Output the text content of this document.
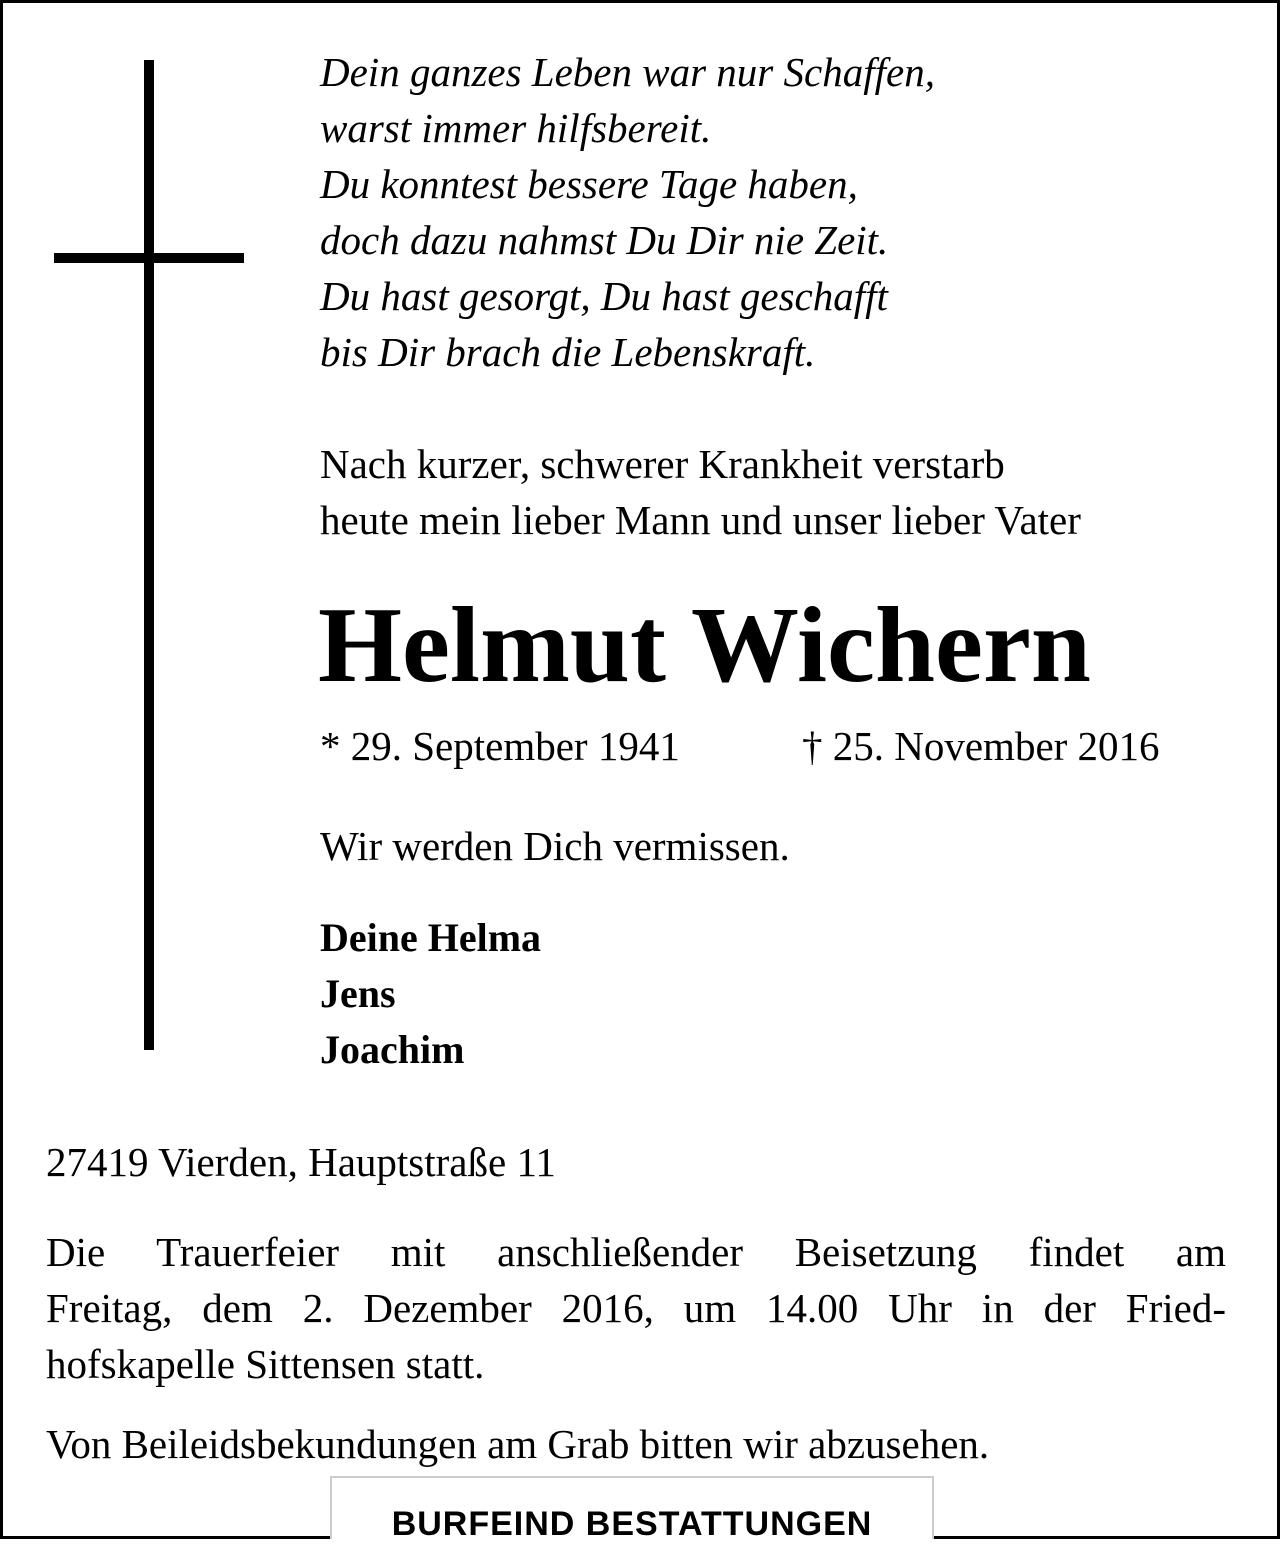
Dein ganzes Leben war nur Schaffen,
warst immer hilfsbereit.
Du konntest bessere Tage haben,
doch dazu nahmst Du Dir nie Zeit.
Du hast gesorgt, Du hast geschafft
bis Dir brach die Lebenskraft.
Nach kurzer, schwerer Krankheit verstarb
heute mein lieber Mann und unser lieber Vater
Helmut Wichern
* 29. September 1941	† 25. November 2016
Wir werden Dich vermissen.
Deine Helma
Jens
Joachim
27419 Vierden, Hauptstraße 11
Die Trauerfeier mit anschließender Beisetzung findet am
Freitag, dem 2. Dezember 2016, um 14.00 Uhr in der Fried-
hofskapelle Sittensen statt.
Von Beileidsbekundungen am Grab bitten wir abzusehen.
BURFEIND BESTATTUNGEN
